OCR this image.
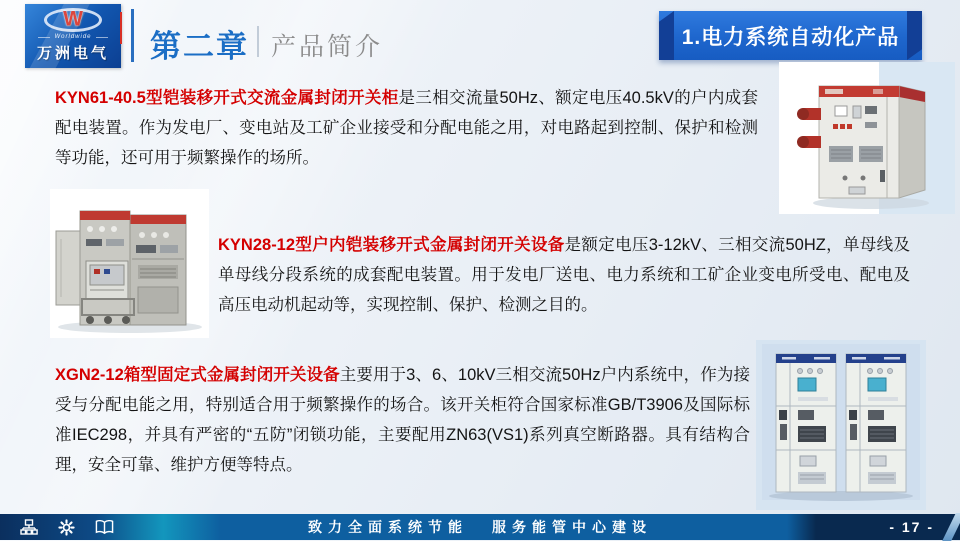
W
Worldwide
万洲电气	第二章 产品简介	1.电力系统自动化产品

KYN61-40.5型铠装移开式交流金属封闭开关柜是三相交流量50Hz、额定电压40.5kV的户内成套配电装置。作为发电厂、变电站及工矿企业接受和分配电能之用，对电路起到控制、保护和检测等功能，还可用于频繁操作的场所。

KYN28-12型户内铠装移开式金属封闭开关设备是额定电压3-12kV、三相交流50HZ，单母线及单母线分段系统的成套配电装置。用于发电厂送电、电力系统和工矿企业变电所受电、配电及高压电动机起动等，实现控制、保护、检测之目的。

XGN2-12箱型固定式金属封闭开关设备主要用于3、6、10kV三相交流50Hz户内系统中，作为接受与分配电能之用，特别适合用于频繁操作的场合。该开关柜符合国家标准GB/T3906及国际标准IEC298，并具有严密的“五防”闭锁功能，主要配用ZN63(VS1)系列真空断路器。具有结构合理，安全可靠、维护方便等特点。

致力全面系统节能 服务能管中心建设	- 17 -
